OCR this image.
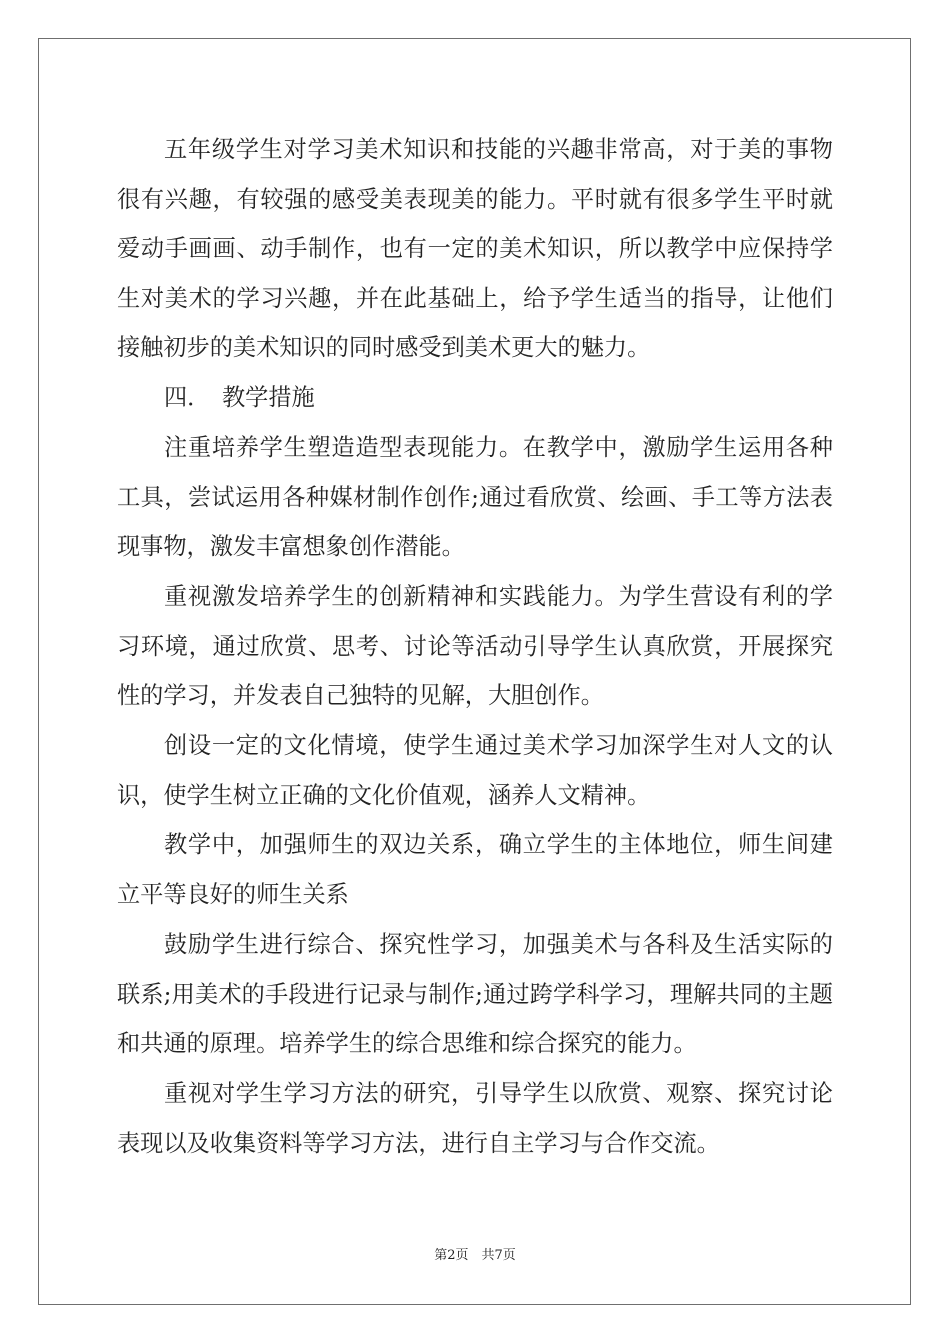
五年级学生对学习美术知识和技能的兴趣非常高，对于美的事物很有兴趣，有较强的感受美表现美的能力。平时就有很多学生平时就爱动手画画、动手制作，也有一定的美术知识，所以教学中应保持学生对美术的学习兴趣，并在此基础上，给予学生适当的指导，让他们接触初步的美术知识的同时感受到美术更大的魅力。

四．　教学措施

注重培养学生塑造造型表现能力。在教学中，激励学生运用各种工具，尝试运用各种媒材制作创作;通过看欣赏、绘画、手工等方法表现事物，激发丰富想象创作潜能。

重视激发培养学生的创新精神和实践能力。为学生营设有利的学习环境，通过欣赏、思考、讨论等活动引导学生认真欣赏，开展探究性的学习，并发表自己独特的见解，大胆创作。

创设一定的文化情境，使学生通过美术学习加深学生对人文的认识，使学生树立正确的文化价值观，涵养人文精神。

教学中，加强师生的双边关系，确立学生的主体地位，师生间建立平等良好的师生关系

鼓励学生进行综合、探究性学习，加强美术与各科及生活实际的联系;用美术的手段进行记录与制作;通过跨学科学习，理解共同的主题和共通的原理。培养学生的综合思维和综合探究的能力。

重视对学生学习方法的研究，引导学生以欣赏、观察、探究讨论表现以及收集资料等学习方法，进行自主学习与合作交流。

第2页　共7页
